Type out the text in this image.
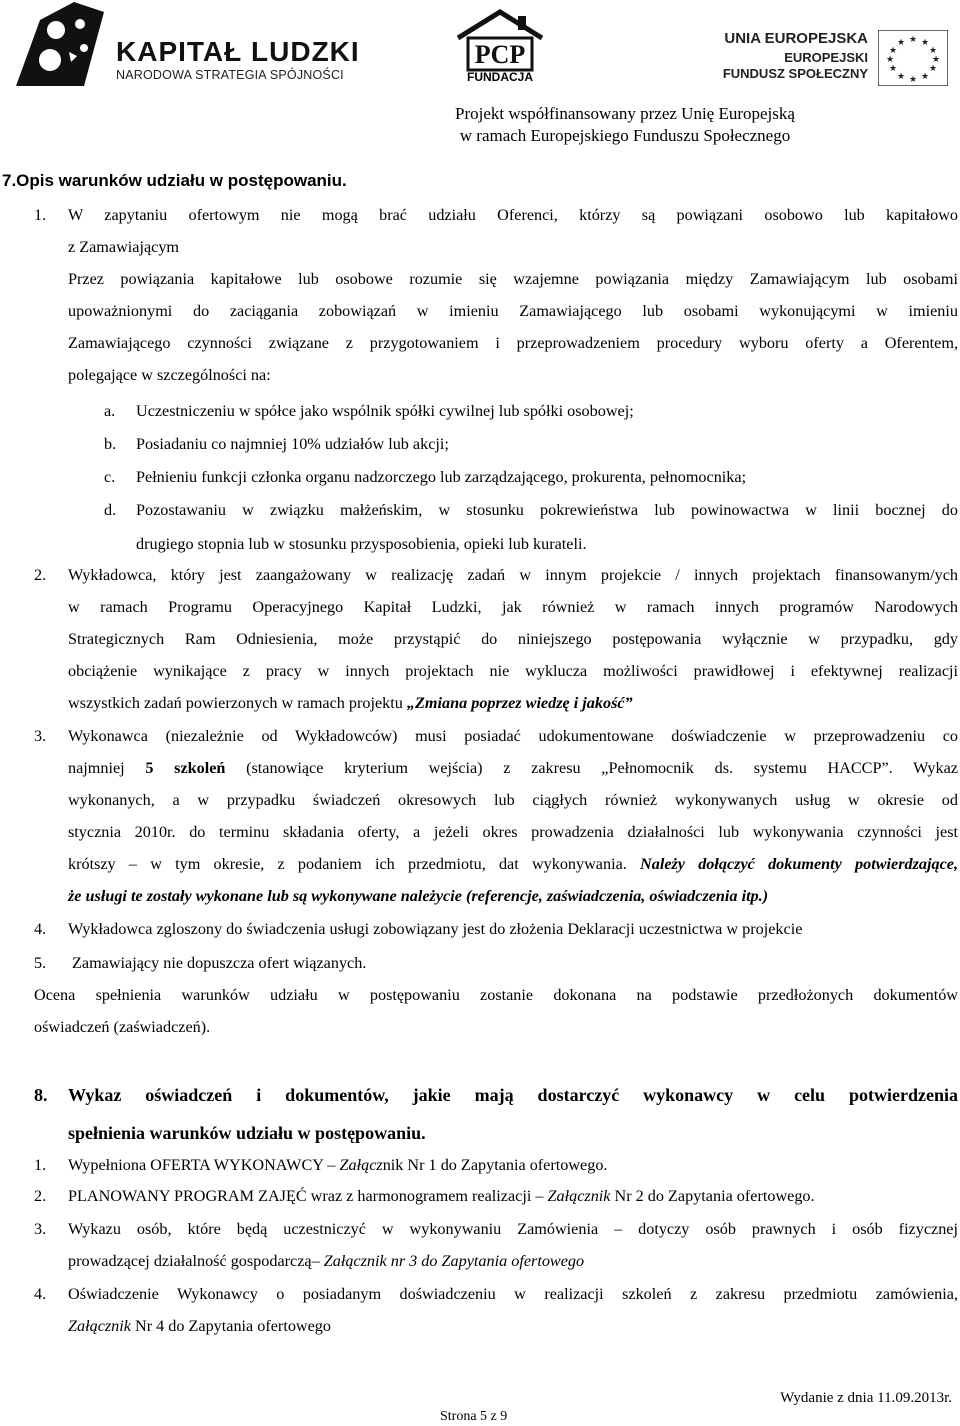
KAPITAŁ LUDZKI
NARODOWA STRATEGIA SPÓJNOŚCI
PCP
FUNDACJA
UNIA EUROPEJSKA
EUROPEJSKI
FUNDUSZ SPOŁECZNY
★ ★
★
★
★
★
★
★
★
★
★
★
Projekt współfinansowany przez Unię Europejską
w ramach Europejskiego Funduszu Społecznego
7.Opis warunków udziału w postępowaniu.
1. W zapytaniu ofertowym nie mogą brać udziału Oferenci, którzy są powiązani osobowo lub kapitałowo
z Zamawiającym
Przez powiązania kapitałowe lub osobowe rozumie się wzajemne powiązania między Zamawiającym lub osobami
upoważnionymi do zaciągania zobowiązań w imieniu Zamawiającego lub osobami wykonującymi w imieniu
Zamawiającego czynności związane z przygotowaniem i przeprowadzeniem procedury wyboru oferty a Oferentem,
polegające w szczególności na:
a. Uczestniczeniu w spółce jako wspólnik spółki cywilnej lub spółki osobowej;
b. Posiadaniu co najmniej 10% udziałów lub akcji;
c. Pełnieniu funkcji członka organu nadzorczego lub zarządzającego, prokurenta, pełnomocnika;
d. Pozostawaniu w związku małżeńskim, w stosunku pokrewieństwa lub powinowactwa w linii bocznej do
drugiego stopnia lub w stosunku przysposobienia, opieki lub kurateli.
2. Wykładowca, który jest zaangażowany w realizację zadań w innym projekcie / innych projektach finansowanym/ych
w ramach Programu Operacyjnego Kapitał Ludzki, jak również w ramach innych programów Narodowych
Strategicznych Ram Odniesienia, może przystąpić do niniejszego postępowania wyłącznie w przypadku, gdy
obciążenie wynikające z pracy w innych projektach nie wyklucza możliwości prawidłowej i efektywnej realizacji
wszystkich zadań powierzonych w ramach projektu „Zmiana poprzez wiedzę i jakość”
3. Wykonawca (niezależnie od Wykładowców) musi posiadać udokumentowane doświadczenie w przeprowadzeniu co
najmniej 5 szkoleń (stanowiące kryterium wejścia) z zakresu „Pełnomocnik ds. systemu HACCP”. Wykaz
wykonanych, a w przypadku świadczeń okresowych lub ciągłych również wykonywanych usług w okresie od
stycznia 2010r. do terminu składania oferty, a jeżeli okres prowadzenia działalności lub wykonywania czynności jest
krótszy – w tym okresie, z podaniem ich przedmiotu, dat wykonywania. Należy dołączyć dokumenty potwierdzające,
że usługi te zostały wykonane lub są wykonywane należycie (referencje, zaświadczenia, oświadczenia itp.)
4. Wykładowca zgloszony do świadczenia usługi zobowiązany jest do złożenia Deklaracji uczestnictwa w projekcie
5. Zamawiający nie dopuszcza ofert wiązanych.
Ocena spełnienia warunków udziału w postępowaniu zostanie dokonana na podstawie przedłożonych dokumentów
oświadczeń (zaświadczeń).
8. Wykaz oświadczeń i dokumentów, jakie mają dostarczyć wykonawcy w celu potwierdzenia
spełnienia warunków udziału w postępowaniu.
1. Wypełniona OFERTA WYKONAWCY – Załącznik Nr 1 do Zapytania ofertowego.
2. PLANOWANY PROGRAM ZAJĘĆ wraz z harmonogramem realizacji – Załącznik Nr 2 do Zapytania ofertowego.
3. Wykazu osób, które będą uczestniczyć w wykonywaniu Zamówienia – dotyczy osób prawnych i osób fizycznej
prowadzącej działalność gospodarczą– Załącznik nr 3 do Zapytania ofertowego
4. Oświadczenie Wykonawcy o posiadanym doświadczeniu w realizacji szkoleń z zakresu przedmiotu zamówienia,
Załącznik Nr 4 do Zapytania ofertowego
Wydanie z dnia 11.09.2013r.
Strona 5 z 9
